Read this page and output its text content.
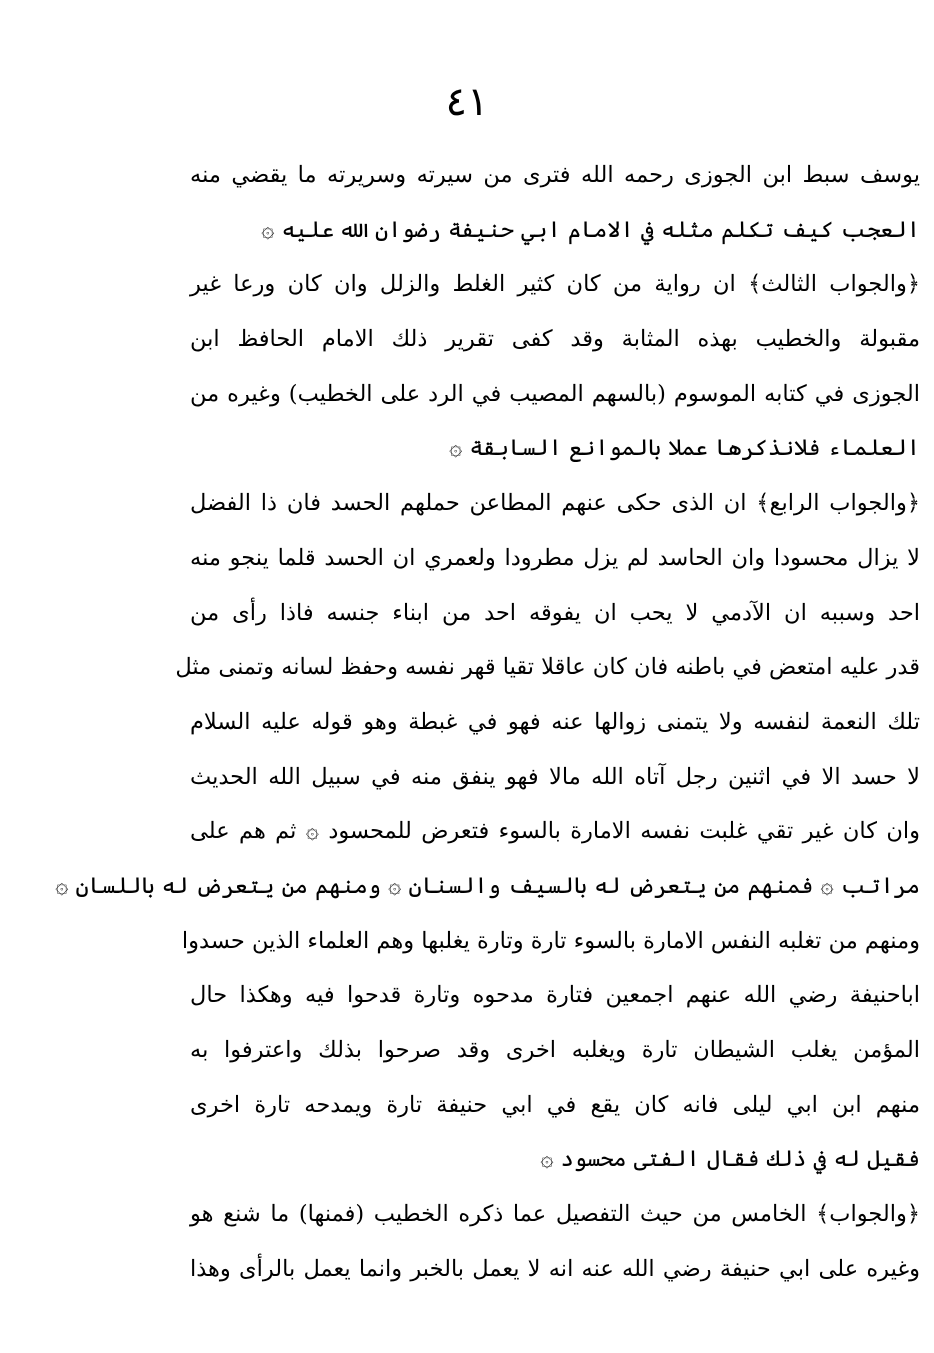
٤١
يوسف سبط ابن الجوزى رحمه الله فترى من سيرته وسريرته ما يقضي منه
العجب كيف تكلم مثله في الامام ابي حنيفة رضوان الله عليه ۞
﴿والجواب الثالث﴾ ان رواية من كان كثير الغلط والزلل وان كان ورعا غير
مقبولة والخطيب بهذه المثابة وقد كفى تقرير ذلك الامام الحافظ ابن
الجوزى في كتابه الموسوم (بالسهم المصيب في الرد على الخطيب) وغيره من
العلماء فلانذكرها عملا بالموانع السابقة ۞
﴿والجواب الرابع﴾ ان الذى حكى عنهم المطاعن حملهم الحسد فان ذا الفضل
لا يزال محسودا وان الحاسد لم يزل مطرودا ولعمري ان الحسد قلما ينجو منه
احد وسببه ان الآدمي لا يحب ان يفوقه احد من ابناء جنسه فاذا رأى من
قدر عليه امتعض في باطنه فان كان عاقلا تقيا قهر نفسه وحفظ لسانه وتمنى مثل
تلك النعمة لنفسه ولا يتمنى زوالها عنه فهو في غبطة وهو قوله عليه السلام
لا حسد الا في اثنين رجل آتاه الله مالا فهو ينفق منه في سبيل الله الحديث
وان كان غير تقي غلبت نفسه الامارة بالسوء فتعرض للمحسود ۞ ثم هم على
مراتب ۞ فمنهم من يتعرض له بالسيف والسنان ۞ ومنهم من يتعرض له باللسان ۞
ومنهم من تغلبه النفس الامارة بالسوء تارة وتارة يغلبها وهم العلماء الذين حسدوا
اباحنيفة رضي الله عنهم اجمعين فتارة مدحوه وتارة قدحوا فيه وهكذا حال
المؤمن يغلب الشيطان تارة ويغلبه اخرى وقد صرحوا بذلك واعترفوا به
منهم ابن ابي ليلى فانه كان يقع في ابي حنيفة تارة ويمدحه تارة اخرى
فقيل له في ذلك فقال الفتى محسود ۞
﴿والجواب﴾ الخامس من حيث التفصيل عما ذكره الخطيب (فمنها) ما شنع هو
وغيره على ابي حنيفة رضي الله عنه انه لا يعمل بالخبر وانما يعمل بالرأى وهذا
